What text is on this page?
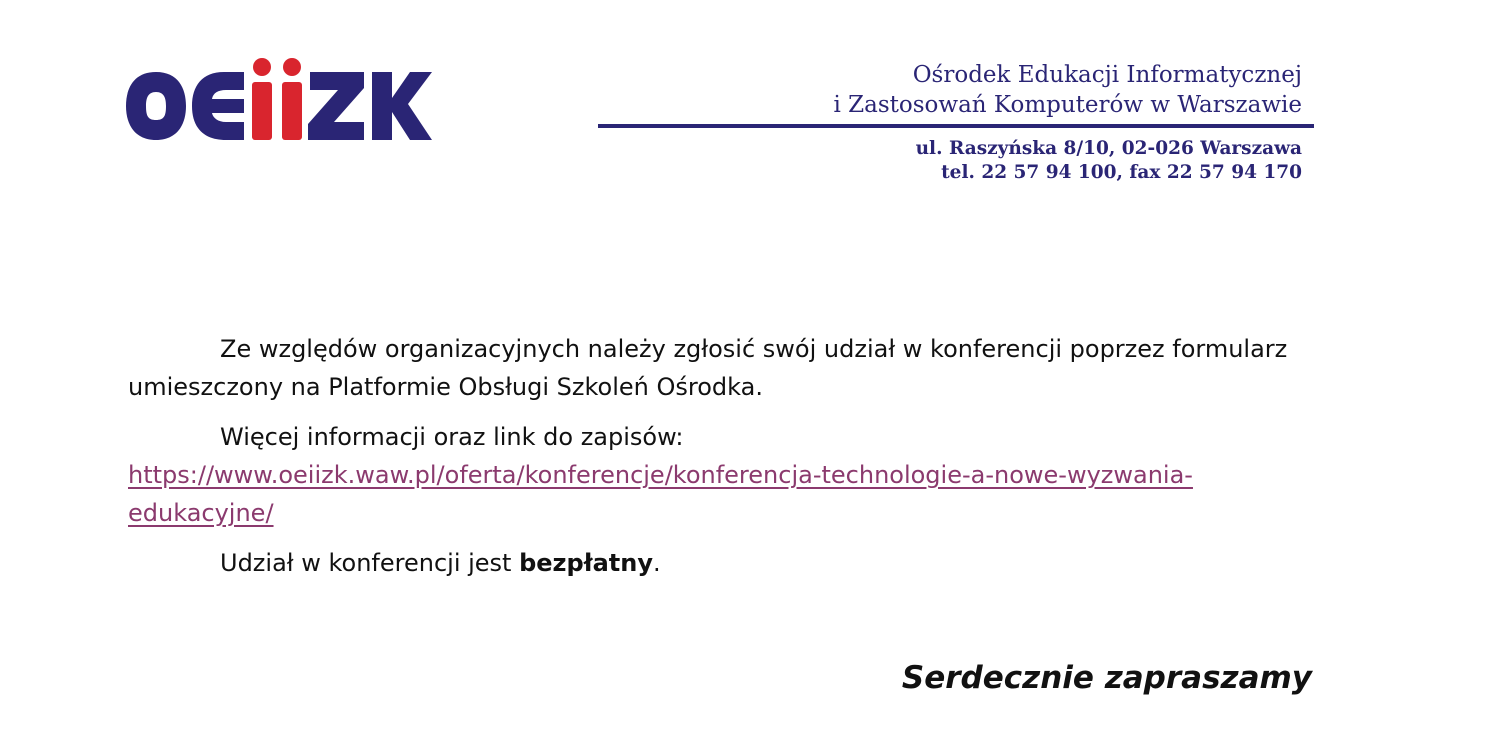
Ośrodek Edukacji Informatycznej
i Zastosowań Komputerów w Warszawie
ul. Raszyńska 8/10, 02-026 Warszawa
tel. 22 57 94 100, fax 22 57 94 170

Ze względów organizacyjnych należy zgłosić swój udział w konferencji poprzez formularz umieszczony na Platformie Obsługi Szkoleń Ośrodka.

Więcej informacji oraz link do zapisów:
https://www.oeiizk.waw.pl/oferta/konferencje/konferencja-technologie-a-nowe-wyzwania-edukacyjne/

Udział w konferencji jest bezpłatny.

Serdecznie zapraszamy
